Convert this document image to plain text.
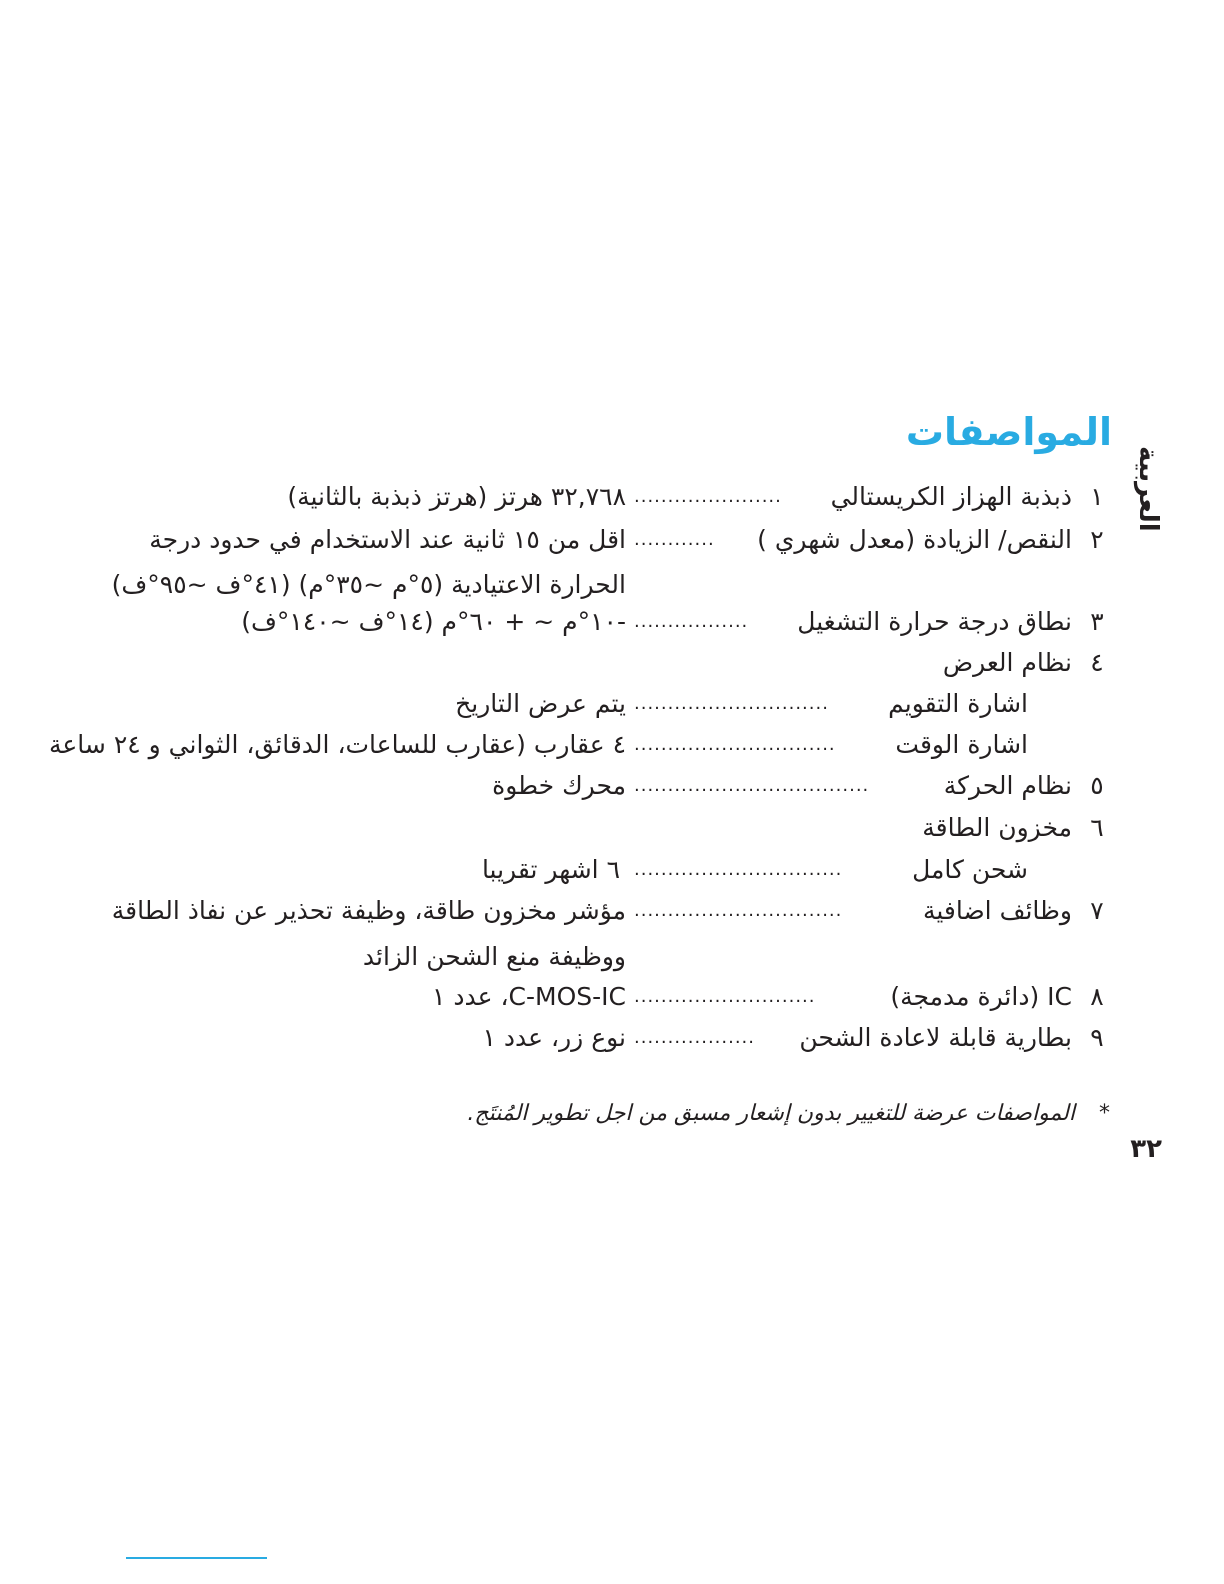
العربية
المواصفات
١
ذبذبة الهزاز الكريستالي
......................
٣٢,٧٦٨ هرتز (هرتز ذبذبة بالثانية)
٢
النقص/ الزيادة (معدل شهري )
............
اقل من ١٥ ثانية عند الاستخدام في حدود درجة
الحرارة الاعتيادية (٥°م ~٣٥°م) (٤١°ف ~٩٥°ف)
٣
نطاق درجة حرارة التشغيل
.................
-١٠°م ~ + ٦٠°م (١٤°ف ~١٤٠°ف)
٤
نظام العرض
اشارة التقويم
.............................
يتم عرض التاريخ
اشارة الوقت
..............................
٤ عقارب (عقارب للساعات، الدقائق، الثواني و ٢٤ ساعة
٥
نظام الحركة
...................................
محرك خطوة
٦
مخزون الطاقة
شحن كامل
...............................
٦ اشهر تقريبا
٧
وظائف اضافية
...............................
مؤشر مخزون طاقة، وظيفة تحذير عن نفاذ الطاقة
ووظيفة منع الشحن الزائد
٨
IC (دائرة مدمجة)
...........................
C-MOS-IC، عدد ١
٩
بطارية قابلة لاعادة الشحن
..................
نوع زر، عدد ١
*المواصفات عرضة للتغيير بدون إشعار مسبق من اجل تطوير المُنتَج.
٣٢
